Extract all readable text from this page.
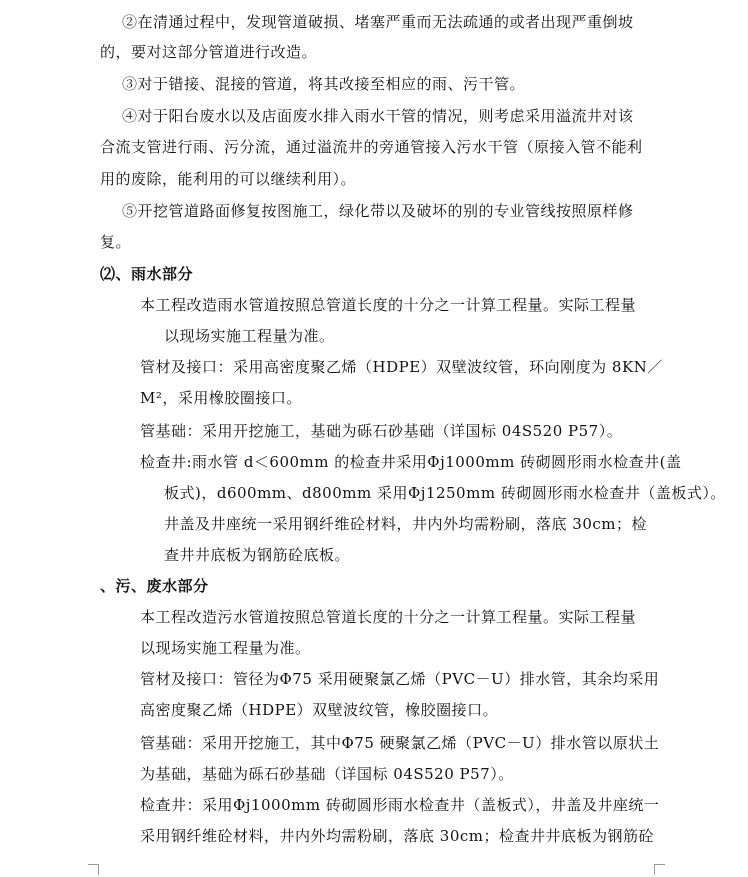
②在清通过程中，发现管道破损、堵塞严重而无法疏通的或者出现严重倒坡
的，要对这部分管道进行改造。
③对于错接、混接的管道，将其改接至相应的雨、污干管。
④对于阳台废水以及店面废水排入雨水干管的情况，则考虑采用溢流井对该
合流支管进行雨、污分流，通过溢流井的旁通管接入污水干管（原接入管不能利
用的废除，能利用的可以继续利用）。
⑤开挖管道路面修复按图施工，绿化带以及破坏的别的专业管线按照原样修
复。
⑵、雨水部分
本工程改造雨水管道按照总管道长度的十分之一计算工程量。实际工程量
以现场实施工程量为准。
管材及接口：采用高密度聚乙烯（HDPE）双壁波纹管，环向刚度为 8KN／
M²，采用橡胶圈接口。
管基础：采用开挖施工，基础为砾石砂基础（详国标 04S520 P57）。
检查井:雨水管 d＜600mm 的检查井采用Φj1000mm 砖砌圆形雨水检查井(盖
板式)，d600mm、d800mm 采用Φj1250mm 砖砌圆形雨水检查井（盖板式）。
井盖及井座统一采用钢纤维砼材料，井内外均需粉刷，落底 30cm；检
查井井底板为钢筋砼底板。
、污、废水部分
本工程改造污水管道按照总管道长度的十分之一计算工程量。实际工程量
以现场实施工程量为准。
管材及接口：管径为Φ75 采用硬聚氯乙烯（PVC－U）排水管，其余均采用
高密度聚乙烯（HDPE）双壁波纹管，橡胶圈接口。
管基础：采用开挖施工，其中Φ75 硬聚氯乙烯（PVC－U）排水管以原状土
为基础，基础为砾石砂基础（详国标 04S520 P57）。
检查井：采用Φj1000mm 砖砌圆形雨水检查井（盖板式），井盖及井座统一
采用钢纤维砼材料，井内外均需粉刷，落底 30cm；检查井井底板为钢筋砼
